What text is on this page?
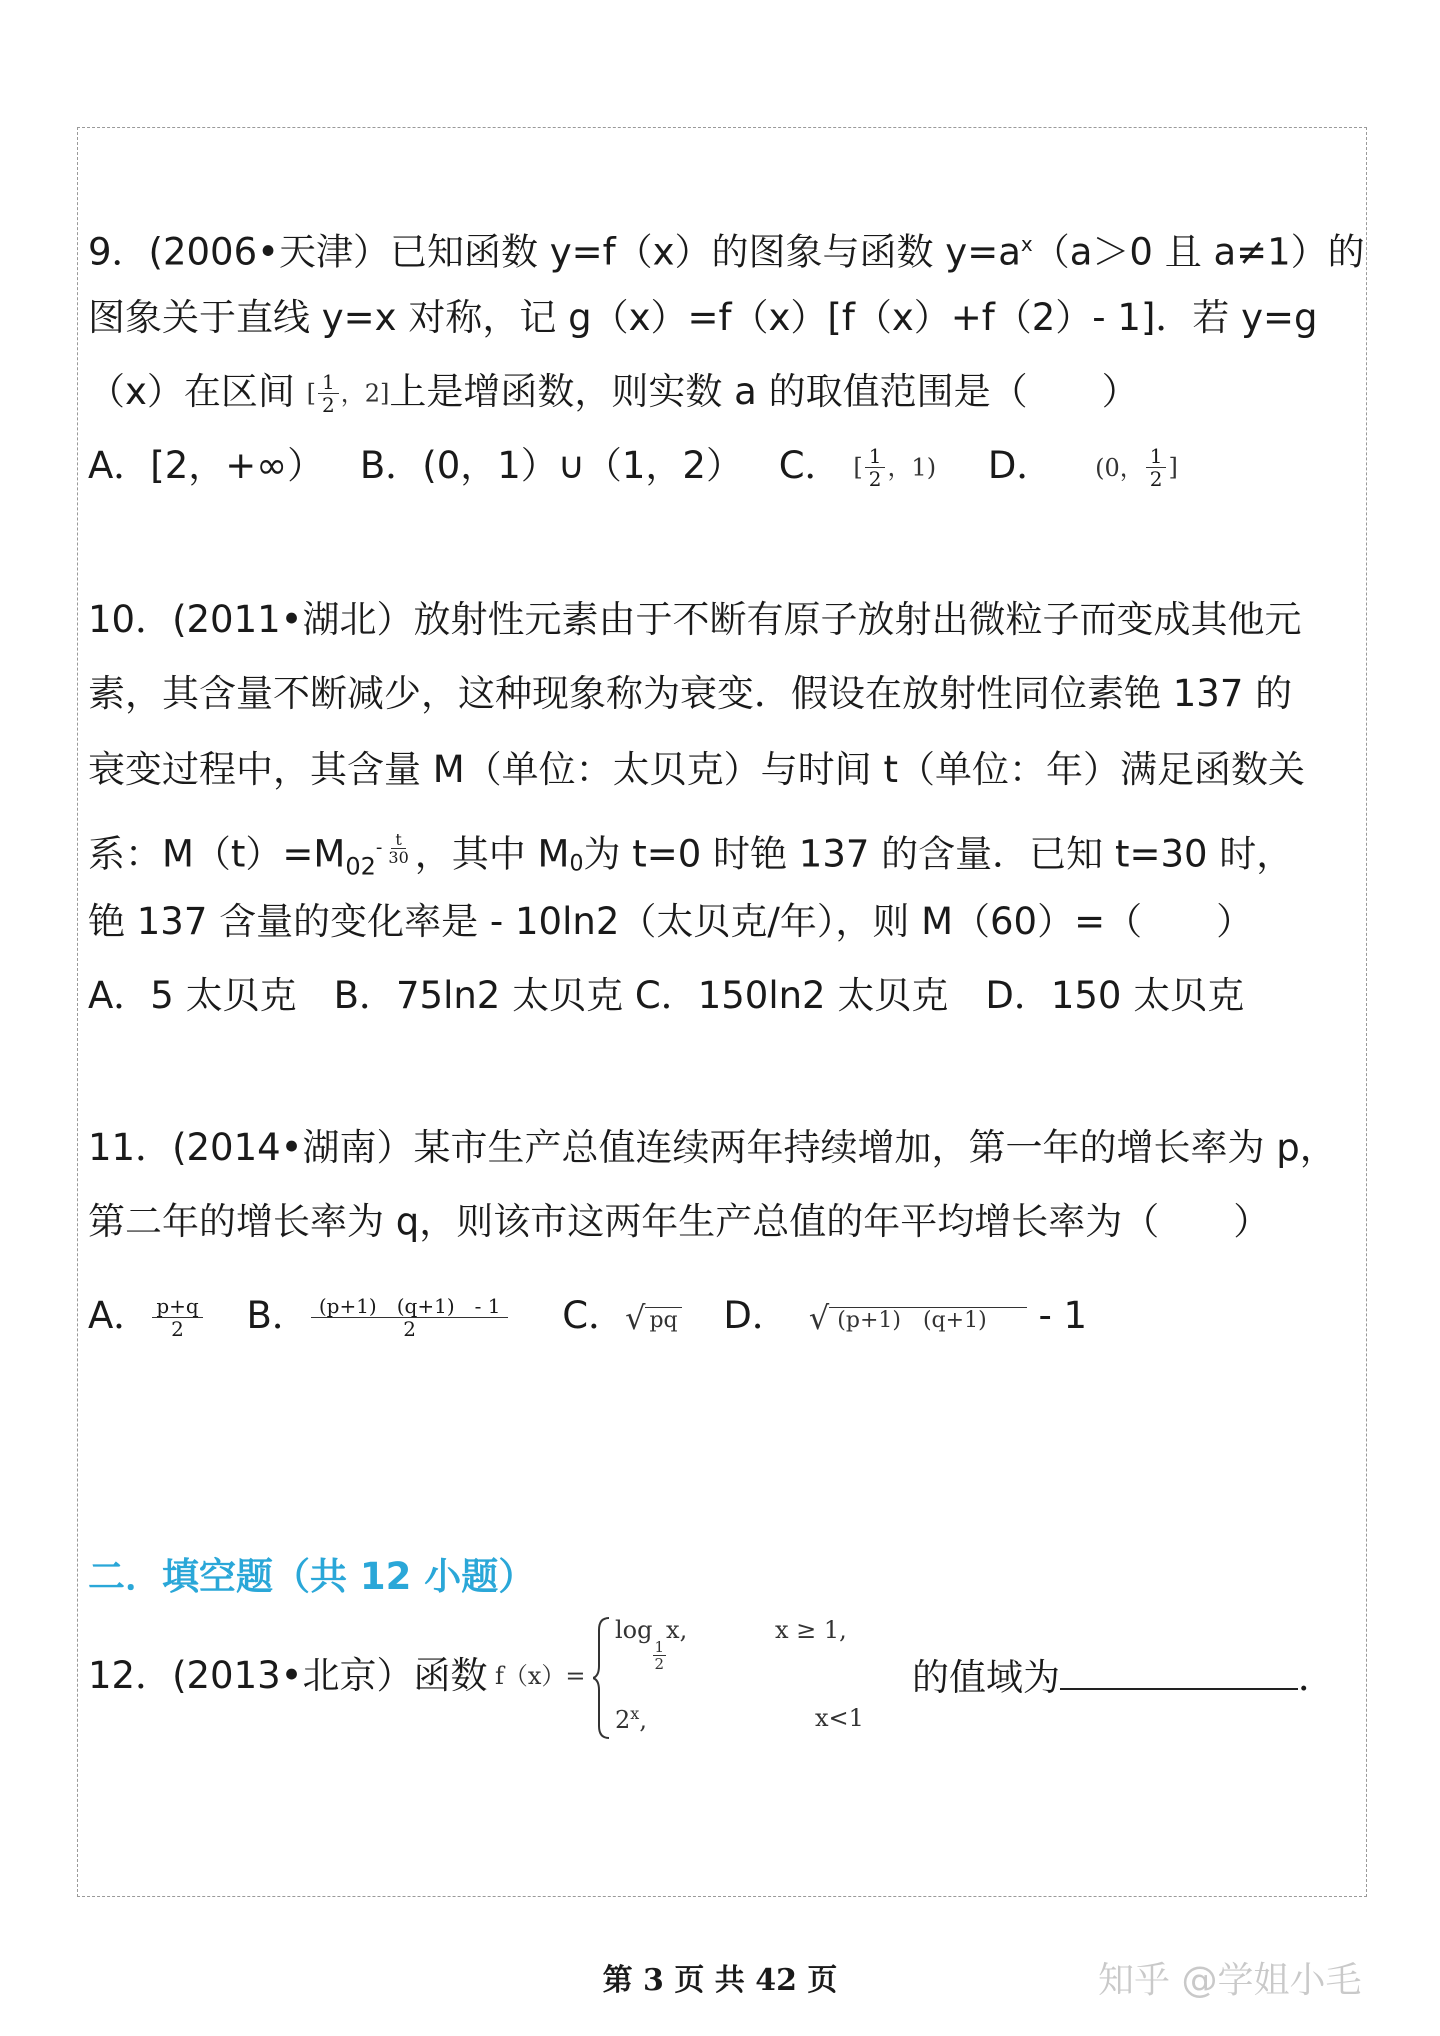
9．(2006•天津）已知函数 y=f（x）的图象与函数 $y=a^x(a>0$ 且 a≠1）的
图象关于直线 y=x 对称，记 g（x）=f（x）[f（x）+f（2）- 1]．若 y=g
（x）在区间 [ $\frac{1}{2}$ ，2]上是增函数，则实数 a 的取值范围是（　　）
A．[2，+∞） B．(0，1）∪（1，2） C． [ $\frac{1}{2}$ ，1) D． (0， $\frac{1}{2}$ ]
10．(2011•湖北）放射性元素由于不断有原子放射出微粒子而变成其他元
素，其含量不断减少，这种现象称为衰变．假设在放射性同位素铯 137 的
衰变过程中，其含量 M（单位：太贝克）与时间 t（单位：年）满足函数关
系：$M(t)=M_{02}$
- $\frac{t}{30}$ ，其中 M0为 t=0 时铯 137 的含量．已知 t=30 时，
铯 137 含量的变化率是 - 10ln2（太贝克/年），则 M（60）=（　　）
A．5 太贝克　B．75ln2 太贝克 C．150ln2 太贝克　D．150 太贝克
11．(2014•湖南）某市生产总值连续两年持续增加，第一年的增长率为 p，
第二年的增长率为 q，则该市这两年生产总值的年平均增长率为（　　）
A． $\frac{p+q}{2}$ B． $\frac{(p+1) (q+1) - 1}{2}$ C． √ pq D． √ (p+1)　(q+1)	- 1
二．填空题（共 12 小题）
12．(2013•北京）函数 f（x）=
log
$\frac{1}{2}$
x,	x ≥ 1,
2$^x$,	x<1
的值域为	．
第 3 页 共 42 页	知乎 @学姐小毛
